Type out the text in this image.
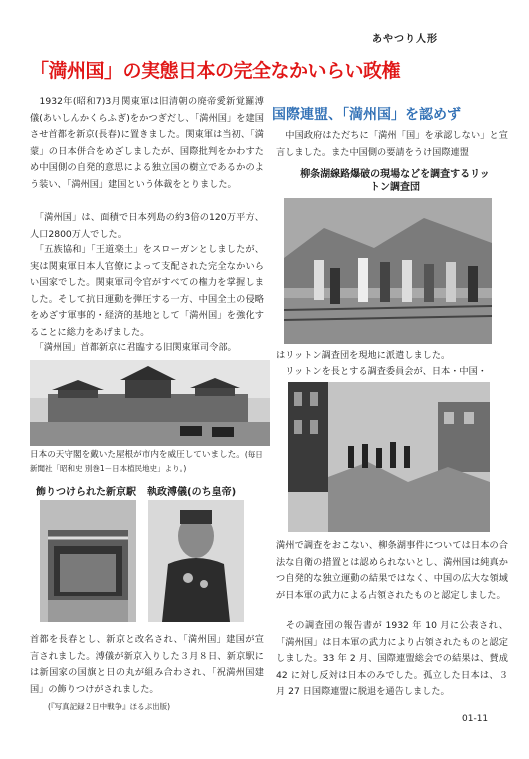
あやつり人形
「満州国」の実態日本の完全なかいらい政権

　1932年(昭和7)3月関東軍は旧清朝の廃帝愛新覚羅溥儀(あいしんかくらふぎ)をかつぎだし、「満州国」を建国させ首都を新京(長春)に置きました。関東軍は当初、「満蒙」の日本併合をめざしましたが、国際批判をかわすため中国側の自発的意思による独立国の樹立であるかのよう装い、「満州国」建国という体裁をとりました。

　「満州国」は、面積で日本列島の約3倍の120万平方、人口2800万人でした。

　「五族協和」「王道楽土」をスローガンとしましたが、実は関東軍日本人官僚によって支配された完全なかいらい国家でした。関東軍司令官がすべての権力を掌握しました。そして抗日運動を弾圧する一方、中国全土の侵略をめざす軍事的・経済的基地として「満州国」を強化することに総力をあげました。

　「満州国」首都新京に君臨する旧関東軍司令部。

日本の天守閣を戴いた屋根が市内を威圧していました。(毎日新聞社「昭和史 別巻1－日本植民地史」より。)

飾りつけられた新京駅 執政溥儀(のち皇帝)

首都を長春とし、新京と改名され、「満州国」建国が宣言されました。溥儀が新京入りした３月８日、新京駅には新国家の国旗と日の丸が組み合わされ、「祝満州国建国」の飾りつけがされました。

(『写真記録２日中戦争』ほるぷ出版)
国際連盟、「満州国」を認めず

　中国政府はただちに「満州「国」を承認しない」と宣言しました。また中国側の要請をうけ国際連盟

柳条湖線路爆破の現場などを調査するリットン調査団

はリットン調査団を現地に派遣しました。

　リットンを長とする調査委員会が、日本・中国・

満州で調査をおこない、柳条湖事件については日本の合法な自衛の措置とは認められないとし、満州国は純真かつ自発的な独立運動の結果ではなく、中国の広大な領域が日本軍の武力による占領されたものと認定しました。

　その調査団の報告書が 1932 年 10 月に公表され、「満州国」は日本軍の武力により占領されたものと認定しました。33 年 2 月、国際連盟総会での結果は、賛成 42 に対し反対は日本のみでした。孤立した日本は、３ 月 27 日国際連盟に脱退を通告しました。

01-11
